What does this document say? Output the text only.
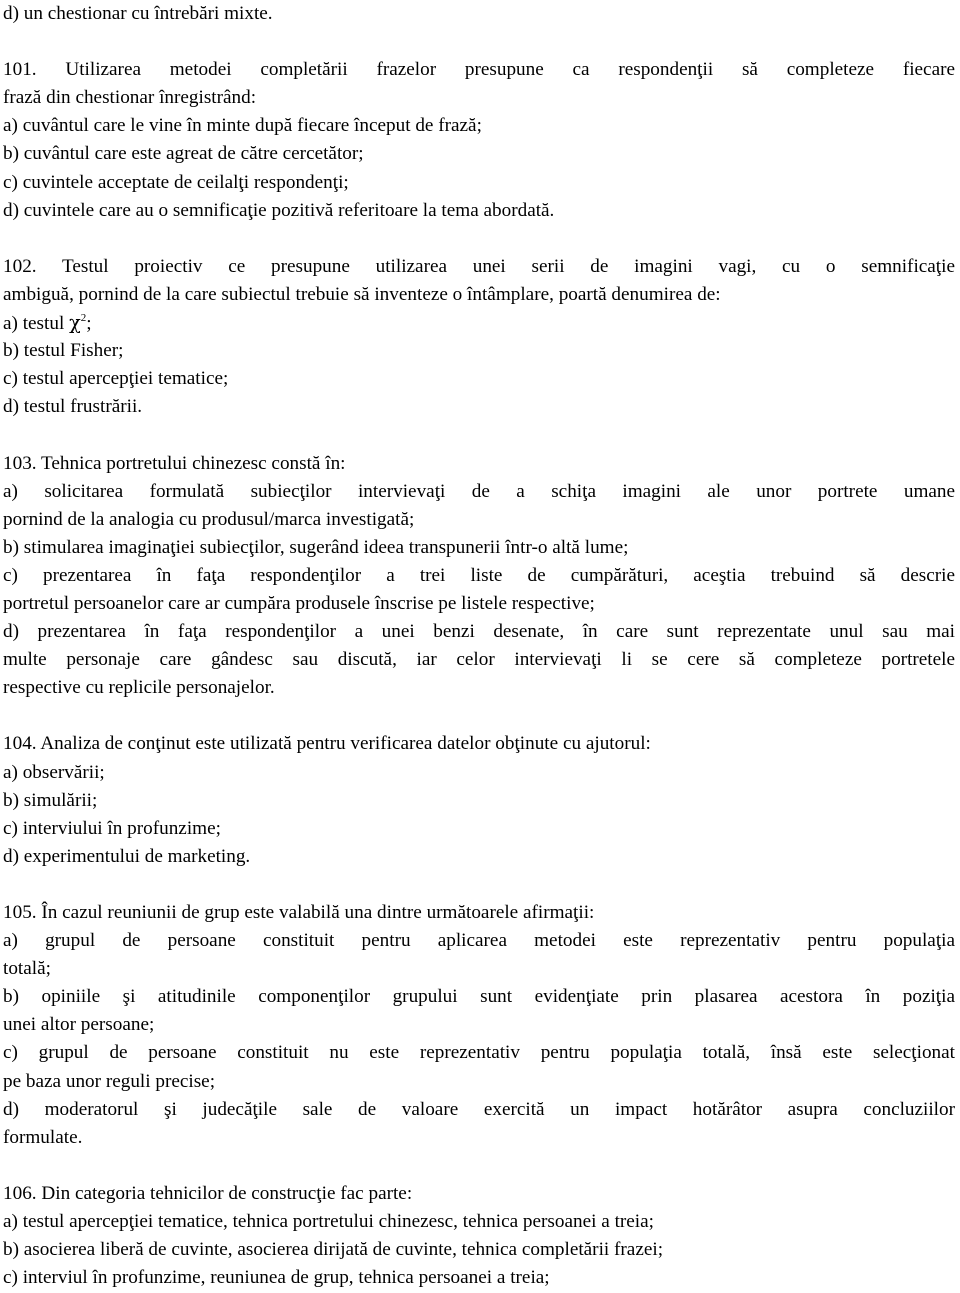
d) un chestionar cu întrebări mixte.
101. Utilizarea metodei completării frazelor presupune ca respondenţii să completeze fiecare
frază din chestionar înregistrând:
a) cuvântul care le vine în minte după fiecare început de frază;
b) cuvântul care este agreat de către cercetător;
c) cuvintele acceptate de ceilalţi respondenţi;
d) cuvintele care au o semnificaţie pozitivă referitoare la tema abordată.
102. Testul proiectiv ce presupune utilizarea unei serii de imagini vagi, cu o semnificaţie
ambiguă, pornind de la care subiectul trebuie să inventeze o întâmplare, poartă denumirea de:
a) testul $\chi^2$;
b) testul Fisher;
c) testul apercepţiei tematice;
d) testul frustrării.
103. Tehnica portretului chinezesc constă în:
a) solicitarea formulată subiecţilor intervievaţi de a schiţa imagini ale unor portrete umane
pornind de la analogia cu produsul/marca investigată;
b) stimularea imaginaţiei subiecţilor, sugerând ideea transpunerii într-o altă lume;
c) prezentarea în faţa respondenţilor a trei liste de cumpărături, aceştia trebuind să descrie
portretul persoanelor care ar cumpăra produsele înscrise pe listele respective;
d) prezentarea în faţa respondenţilor a unei benzi desenate, în care sunt reprezentate unul sau mai
multe personaje care gândesc sau discută, iar celor intervievaţi li se cere să completeze portretele
respective cu replicile personajelor.
104. Analiza de conţinut este utilizată pentru verificarea datelor obţinute cu ajutorul:
a) observării;
b) simulării;
c) interviului în profunzime;
d) experimentului de marketing.
105. În cazul reuniunii de grup este valabilă una dintre următoarele afirmaţii:
a) grupul de persoane constituit pentru aplicarea metodei este reprezentativ pentru populaţia
totală;
b) opiniile şi atitudinile componenţilor grupului sunt evidenţiate prin plasarea acestora în poziţia
unei altor persoane;
c) grupul de persoane constituit nu este reprezentativ pentru populaţia totală, însă este selecţionat
pe baza unor reguli precise;
d) moderatorul şi judecăţile sale de valoare exercită un impact hotărâtor asupra concluziilor
formulate.
106. Din categoria tehnicilor de construcţie fac parte:
a) testul apercepţiei tematice, tehnica portretului chinezesc, tehnica persoanei a treia;
b) asocierea liberă de cuvinte, asocierea dirijată de cuvinte, tehnica completării frazei;
c) interviul în profunzime, reuniunea de grup, tehnica persoanei a treia;
